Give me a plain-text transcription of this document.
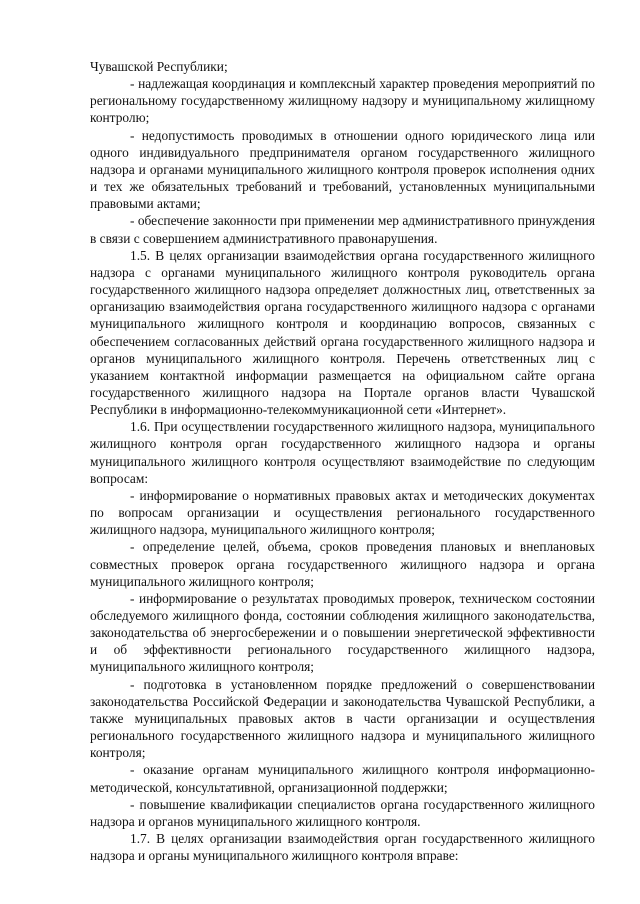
Чувашской Республики;

- надлежащая координация и комплексный характер проведения мероприятий по региональному государственному жилищному надзору и муниципальному жилищному контролю;

- недопустимость проводимых в отношении одного юридического лица или одного индивидуального предпринимателя органом государственного жилищного надзора и органами муниципального жилищного контроля проверок исполнения одних и тех же обязательных требований и требований, установленных муниципальными правовыми актами;

- обеспечение законности при применении мер административного принуждения в связи с совершением административного правонарушения.

1.5. В целях организации взаимодействия органа государственного жилищного надзора с органами муниципального жилищного контроля руководитель органа государственного жилищного надзора определяет должностных лиц, ответственных за организацию взаимодействия органа государственного жилищного надзора с органами муниципального жилищного контроля и координацию вопросов, связанных с обеспечением согласованных действий органа государственного жилищного надзора и органов муниципального жилищного контроля. Перечень ответственных лиц с указанием контактной информации размещается на официальном сайте органа государственного жилищного надзора на Портале органов власти Чувашской Республики в информационно-телекоммуникационной сети «Интернет».

1.6. При осуществлении государственного жилищного надзора, муниципального жилищного контроля орган государственного жилищного надзора и органы муниципального жилищного контроля осуществляют взаимодействие по следующим вопросам:

- информирование о нормативных правовых актах и методических документах по вопросам организации и осуществления регионального государственного жилищного надзора, муниципального жилищного контроля;

- определение целей, объема, сроков проведения плановых и внеплановых совместных проверок органа государственного жилищного надзора и органа муниципального жилищного контроля;

- информирование о результатах проводимых проверок, техническом состоянии обследуемого жилищного фонда, состоянии соблюдения жилищного законодательства, законодательства об энергосбережении и о повышении энергетической эффективности и об эффективности регионального государственного жилищного надзора, муниципального жилищного контроля;

- подготовка в установленном порядке предложений о совершенствовании законодательства Российской Федерации и законодательства Чувашской Республики, а также муниципальных правовых актов в части организации и осуществления регионального государственного жилищного надзора и муниципального жилищного контроля;

- оказание органам муниципального жилищного контроля информационно-методической, консультативной, организационной поддержки;

- повышение квалификации специалистов органа государственного жилищного надзора и органов муниципального жилищного контроля.

1.7. В целях организации взаимодействия орган государственного жилищного надзора и органы муниципального жилищного контроля вправе:
